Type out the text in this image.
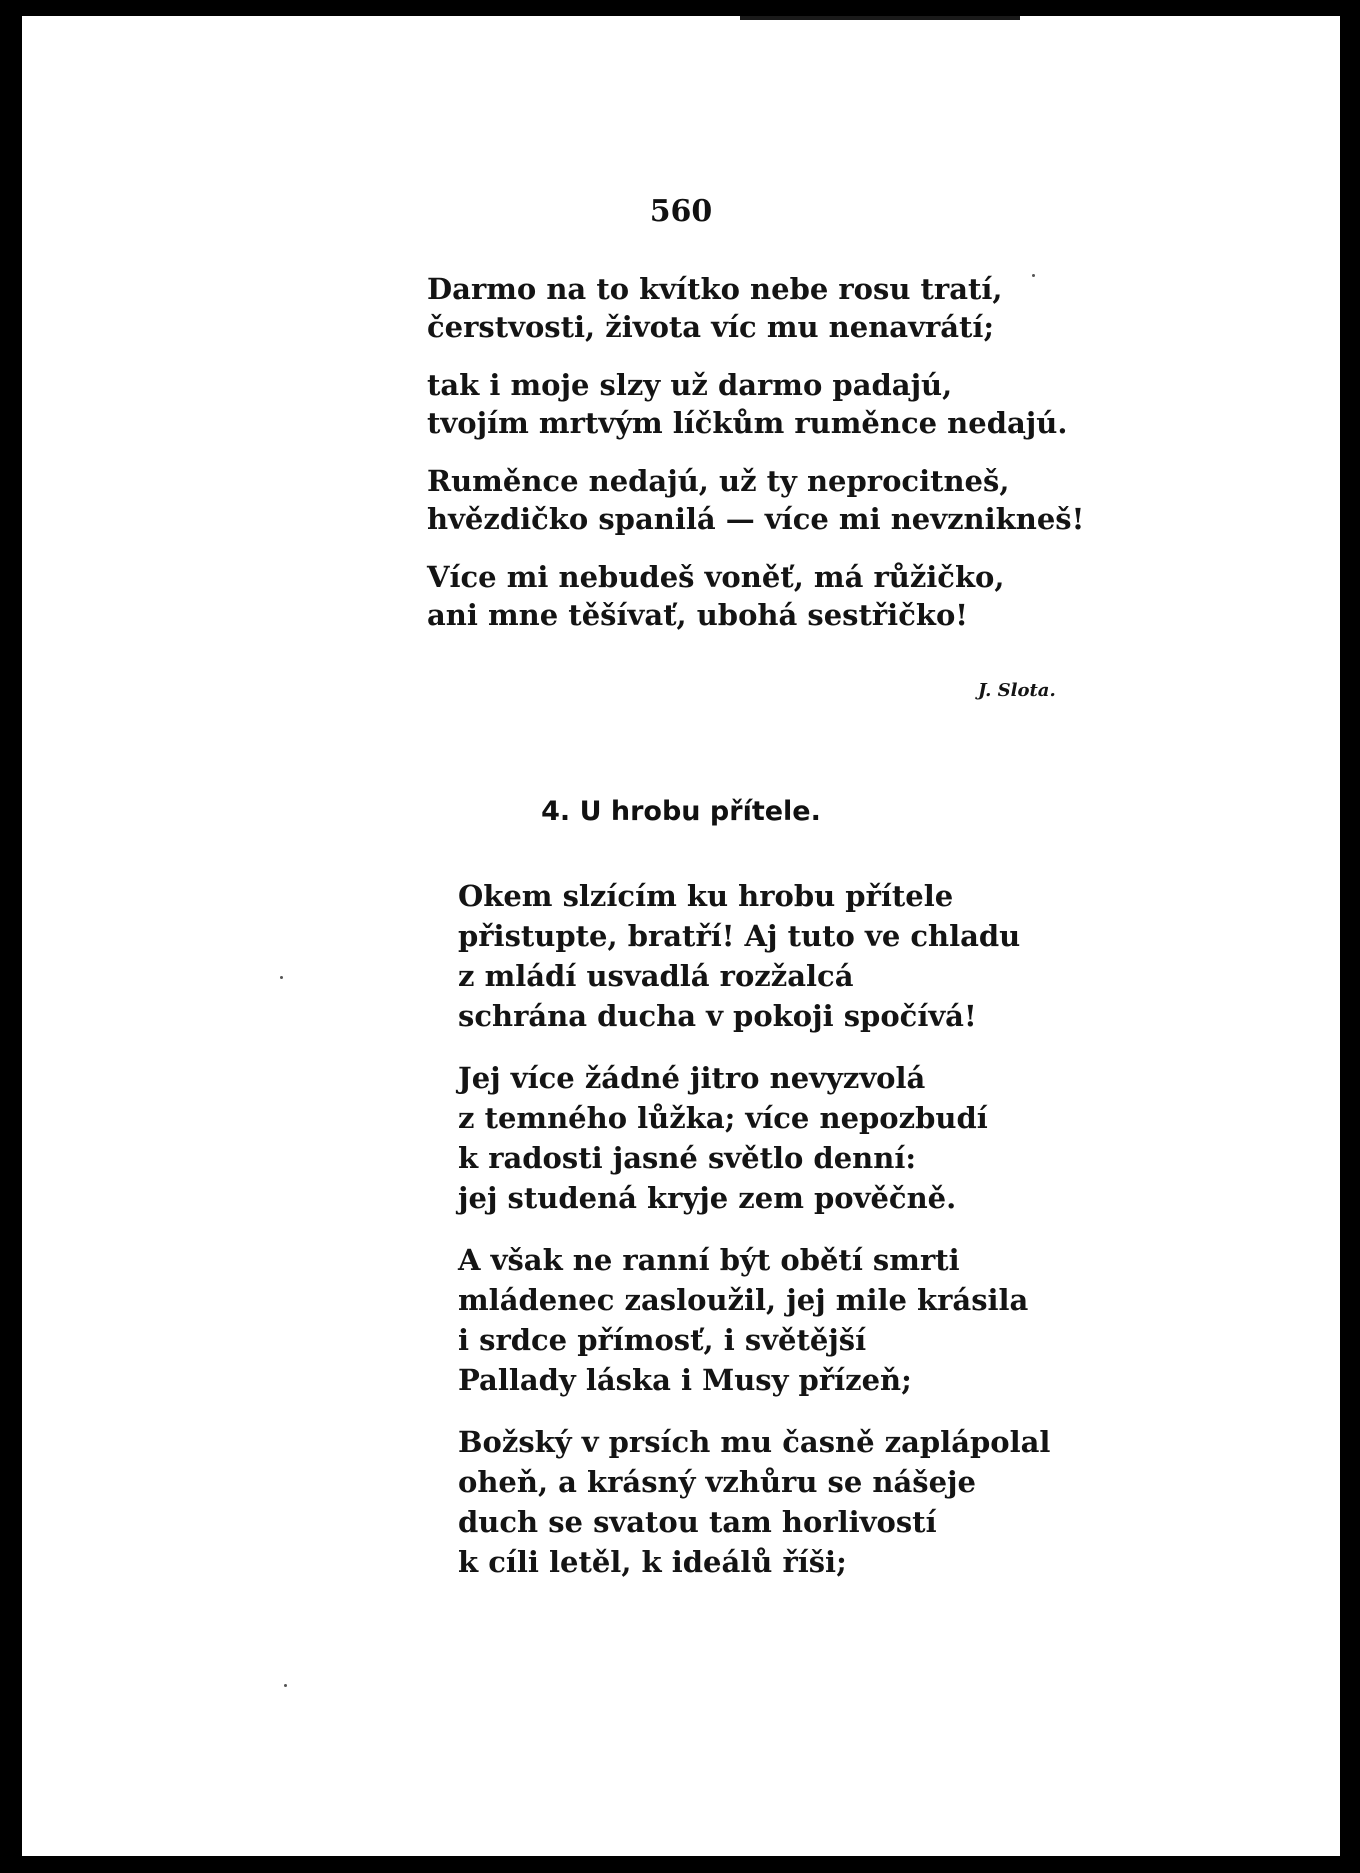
560
Darmo na to kvítko nebe rosu tratí,
čerstvosti, života víc mu nenavrátí;
tak i moje slzy už darmo padajú,
tvojím mrtvým líčkům ruměnce nedajú.
Ruměnce nedajú, už ty neprocitneš,
hvězdičko spanilá — více mi nevznikneš!
Více mi nebudeš voněť, má růžičko,
ani mne těšívať, ubohá sestřičko!
J. Slota.
4. U hrobu přítele.
Okem slzícím ku hrobu přítele
přistupte, bratří! Aj tuto ve chladu
z mládí usvadlá rozžalcá
schrána ducha v pokoji spočívá!
Jej více žádné jitro nevyzvolá
z temného lůžka; více nepozbudí
k radosti jasné světlo denní:
jej studená kryje zem pověčně.
A však ne ranní být obětí smrti
mládenec zasloužil, jej mile krásila
i srdce přímosť, i světější
Pallady láska i Musy přízeň;
Božský v prsích mu časně zaplápolal
oheň, a krásný vzhůru se nášeje
duch se svatou tam horlivostí
k cíli letěl, k ideálů říši;
